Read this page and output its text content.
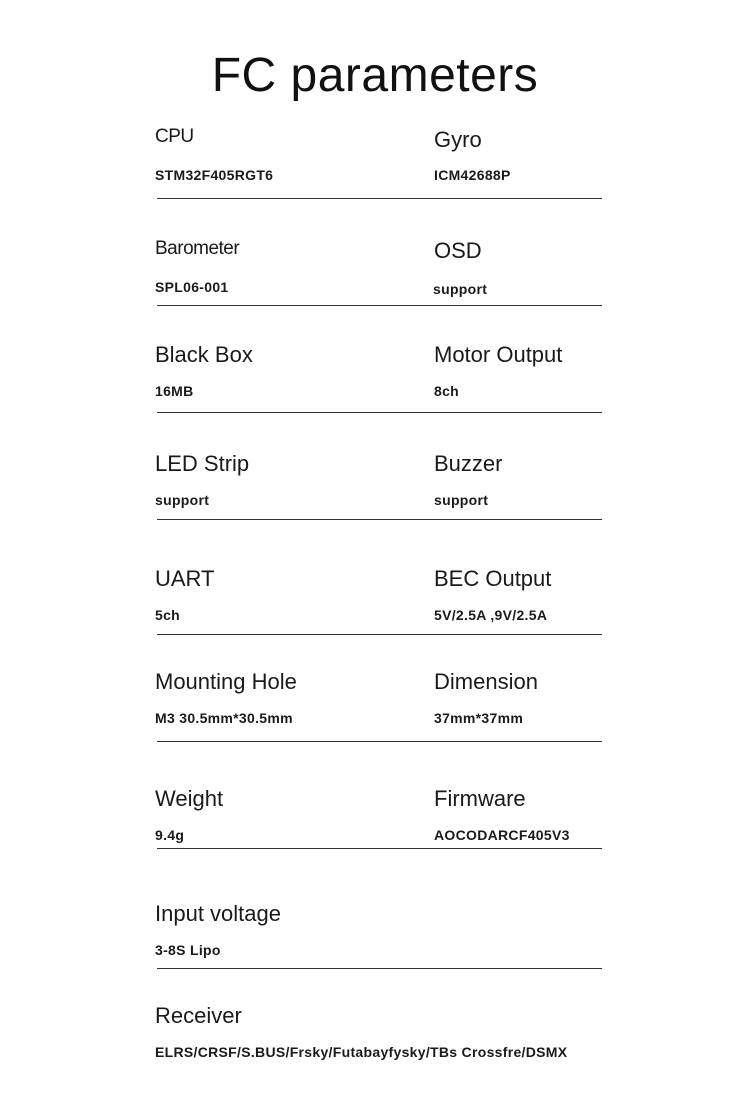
FC parameters
CPU
STM32F405RGT6
Gyro
ICM42688P
Barometer
SPL06-001
OSD
support
Black Box
16MB
Motor Output
8ch
LED Strip
support
Buzzer
support
UART
5ch
BEC Output
5V/2.5A ,9V/2.5A
Mounting Hole
M3 30.5mm*30.5mm
Dimension
37mm*37mm
Weight
9.4g
Firmware
AOCODARCF405V3
Input voltage
3-8S Lipo
Receiver
ELRS/CRSF/S.BUS/Frsky/Futabayfysky/TBs Crossfre/DSMX
